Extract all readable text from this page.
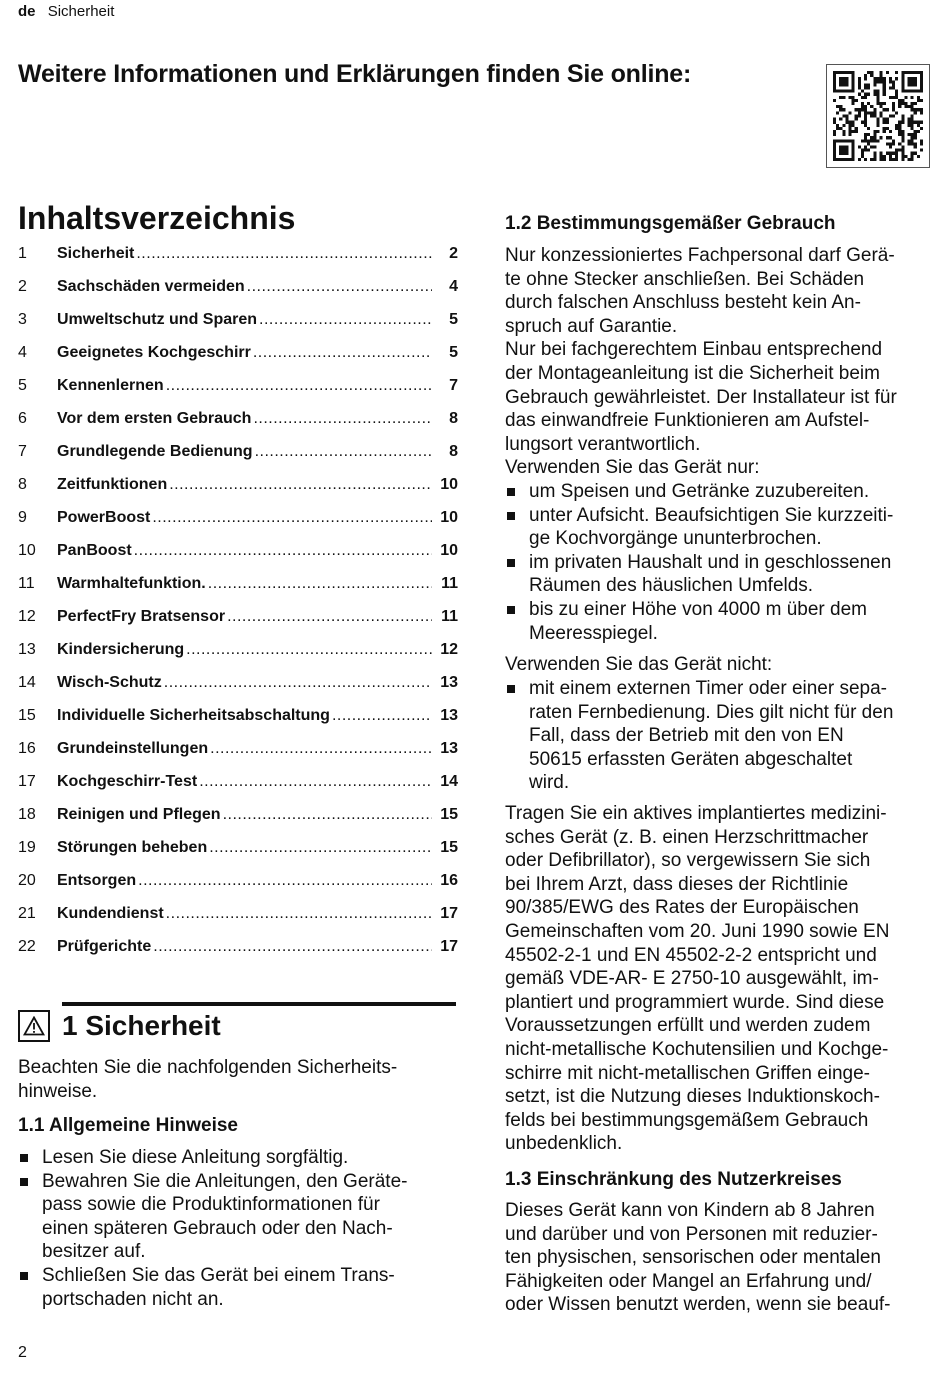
de Sicherheit
Weitere Informationen und Erklärungen finden Sie online:
Inhaltsverzeichnis
1	Sicherheit .....	2
2	Sachschäden vermeiden .....	4
3	Umweltschutz und Sparen .....	5
4	Geeignetes Kochgeschirr .....	5
5	Kennenlernen .....	7
6	Vor dem ersten Gebrauch .....	8
7	Grundlegende Bedienung .....	8
8	Zeitfunktionen .....	10
9	PowerBoost .....	10
10	PanBoost .....	10
11	Warmhaltefunktion. .....	11
12	PerfectFry Bratsensor .....	11
13	Kindersicherung .....	12
14	Wisch-Schutz .....	13
15	Individuelle Sicherheitsabschaltung .....	13
16	Grundeinstellungen .....	13
17	Kochgeschirr-Test .....	14
18	Reinigen und Pflegen .....	15
19	Störungen beheben .....	15
20	Entsorgen .....	16
21	Kundendienst .....	17
22	Prüfgerichte .....	17
1 Sicherheit
Beachten Sie die nachfolgenden Sicherheits-
hinweise.
1.1 Allgemeine Hinweise
Lesen Sie diese Anleitung sorgfältig.
Bewahren Sie die Anleitungen, den Geräte-
pass sowie die Produktinformationen für
einen späteren Gebrauch oder den Nach-
besitzer auf.
Schließen Sie das Gerät bei einem Trans-
portschaden nicht an.
1.2 Bestimmungsgemäßer Gebrauch
Nur konzessioniertes Fachpersonal darf Gerä-
te ohne Stecker anschließen. Bei Schäden
durch falschen Anschluss besteht kein An-
spruch auf Garantie.
Nur bei fachgerechtem Einbau entsprechend
der Montageanleitung ist die Sicherheit beim
Gebrauch gewährleistet. Der Installateur ist für
das einwandfreie Funktionieren am Aufstel-
lungsort verantwortlich.
Verwenden Sie das Gerät nur:
um Speisen und Getränke zuzubereiten.
unter Aufsicht. Beaufsichtigen Sie kurzzeiti-
ge Kochvorgänge ununterbrochen.
im privaten Haushalt und in geschlossenen
Räumen des häuslichen Umfelds.
bis zu einer Höhe von 4000 m über dem
Meeresspiegel.
Verwenden Sie das Gerät nicht:
mit einem externen Timer oder einer sepa-
raten Fernbedienung. Dies gilt nicht für den
Fall, dass der Betrieb mit den von EN
50615 erfassten Geräten abgeschaltet
wird.
Tragen Sie ein aktives implantiertes medizini-
sches Gerät (z. B. einen Herzschrittmacher
oder Defibrillator), so vergewissern Sie sich
bei Ihrem Arzt, dass dieses der Richtlinie
90/385/EWG des Rates der Europäischen
Gemeinschaften vom 20. Juni 1990 sowie EN
45502-2-1 und EN 45502-2-2 entspricht und
gemäß VDE-AR- E 2750-10 ausgewählt, im-
plantiert und programmiert wurde. Sind diese
Voraussetzungen erfüllt und werden zudem
nicht-metallische Kochutensilien und Kochge-
schirre mit nicht-metallischen Griffen einge-
setzt, ist die Nutzung dieses Induktionskoch-
felds bei bestimmungsgemäßem Gebrauch
unbedenklich.
1.3 Einschränkung des Nutzerkreises
Dieses Gerät kann von Kindern ab 8 Jahren
und darüber und von Personen mit reduzier-
ten physischen, sensorischen oder mentalen
Fähigkeiten oder Mangel an Erfahrung und/
oder Wissen benutzt werden, wenn sie beauf-
2
